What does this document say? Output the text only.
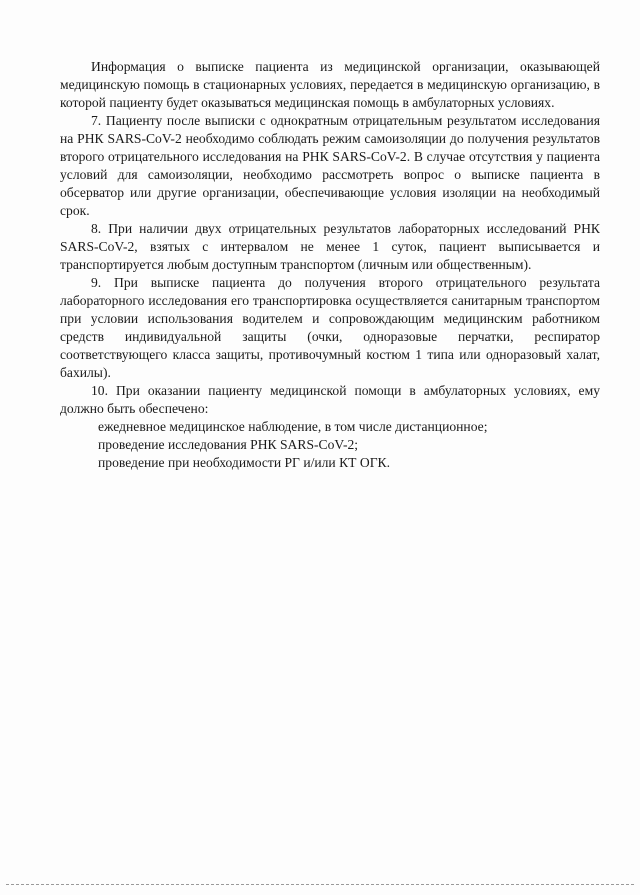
Информация о выписке пациента из медицинской организации, оказывающей медицинскую помощь в стационарных условиях, передается в медицинскую организацию, в которой пациенту будет оказываться медицинская помощь в амбулаторных условиях.

7. Пациенту после выписки с однократным отрицательным результатом исследования на РНК SARS-CoV-2 необходимо соблюдать режим самоизоляции до получения результатов второго отрицательного исследования на РНК SARS-CoV-2. В случае отсутствия у пациента условий для самоизоляции, необходимо рассмотреть вопрос о выписке пациента в обсерватор или другие организации, обеспечивающие условия изоляции на необходимый срок.

8. При наличии двух отрицательных результатов лабораторных исследований РНК SARS-CoV-2, взятых с интервалом не менее 1 суток, пациент выписывается и транспортируется любым доступным транспортом (личным или общественным).

9. При выписке пациента до получения второго отрицательного результата лабораторного исследования его транспортировка осуществляется санитарным транспортом при условии использования водителем и сопровождающим медицинским работником средств индивидуальной защиты (очки, одноразовые перчатки, респиратор соответствующего класса защиты, противочумный костюм 1 типа или одноразовый халат, бахилы).

10. При оказании пациенту медицинской помощи в амбулаторных условиях, ему должно быть обеспечено:

ежедневное медицинское наблюдение, в том числе дистанционное;

проведение исследования РНК SARS-CoV-2;

проведение при необходимости РГ и/или КТ ОГК.
